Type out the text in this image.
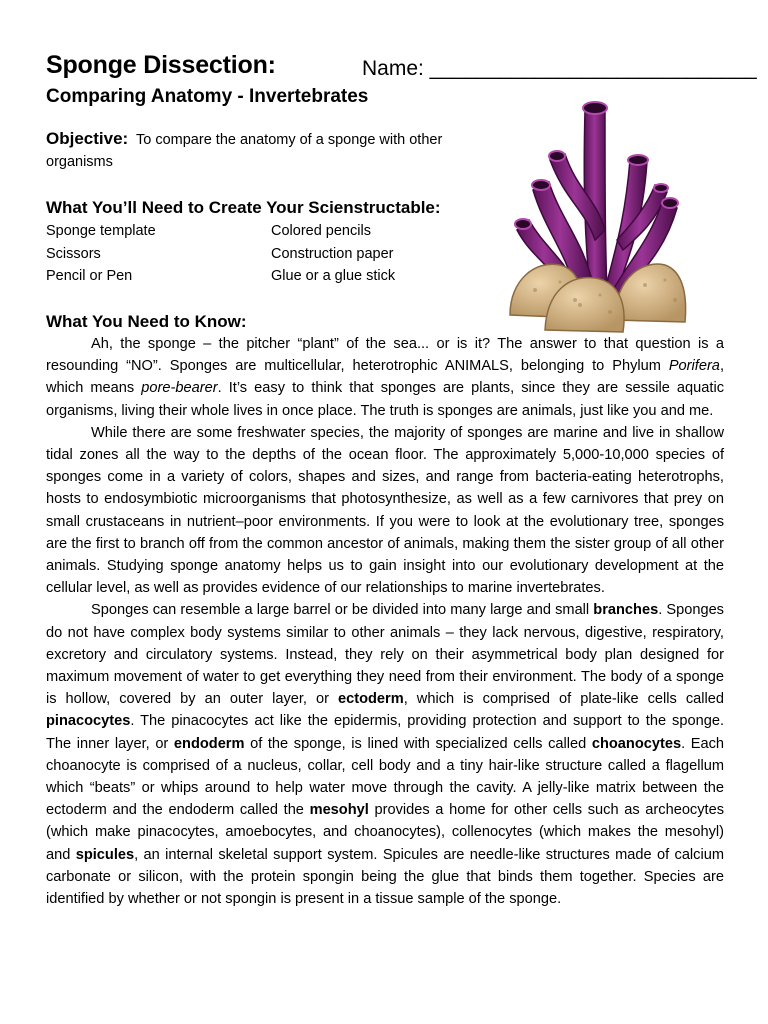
Sponge Dissection:	Name: ____________________________
Comparing Anatomy - Invertebrates
Objective: To compare the anatomy of a sponge with other organisms
What You’ll Need to Create Your Scienstructable:
Sponge template	Colored pencils
Scissors	Construction paper
Pencil or Pen	Glue or a glue stick
What You Need to Know:

Ah, the sponge – the pitcher “plant” of the sea... or is it? The answer to that question is a resounding “NO”. Sponges are multicellular, heterotrophic ANIMALS, belonging to Phylum Porifera, which means pore-bearer. It’s easy to think that sponges are plants, since they are sessile aquatic organisms, living their whole lives in once place. The truth is sponges are animals, just like you and me.

While there are some freshwater species, the majority of sponges are marine and live in shallow tidal zones all the way to the depths of the ocean floor. The approximately 5,000-10,000 species of sponges come in a variety of colors, shapes and sizes, and range from bacteria-eating heterotrophs, hosts to endosymbiotic microorganisms that photosynthesize, as well as a few carnivores that prey on small crustaceans in nutrient–poor environments. If you were to look at the evolutionary tree, sponges are the first to branch off from the common ancestor of animals, making them the sister group of all other animals. Studying sponge anatomy helps us to gain insight into our evolutionary development at the cellular level, as well as provides evidence of our relationships to marine invertebrates.

Sponges can resemble a large barrel or be divided into many large and small branches. Sponges do not have complex body systems similar to other animals – they lack nervous, digestive, respiratory, excretory and circulatory systems. Instead, they rely on their asymmetrical body plan designed for maximum movement of water to get everything they need from their environment. The body of a sponge is hollow, covered by an outer layer, or ectoderm, which is comprised of plate-like cells called pinacocytes. The pinacocytes act like the epidermis, providing protection and support to the sponge. The inner layer, or endoderm of the sponge, is lined with specialized cells called choanocytes. Each choanocyte is comprised of a nucleus, collar, cell body and a tiny hair-like structure called a flagellum which “beats” or whips around to help water move through the cavity. A jelly-like matrix between the ectoderm and the endoderm called the mesohyl provides a home for other cells such as archeocytes (which make pinacocytes, amoebocytes, and choanocytes), collenocytes (which makes the mesohyl) and spicules, an internal skeletal support system. Spicules are needle-like structures made of calcium carbonate or silicon, with the protein spongin being the glue that binds them together. Species are identified by whether or not spongin is present in a tissue sample of the sponge.
